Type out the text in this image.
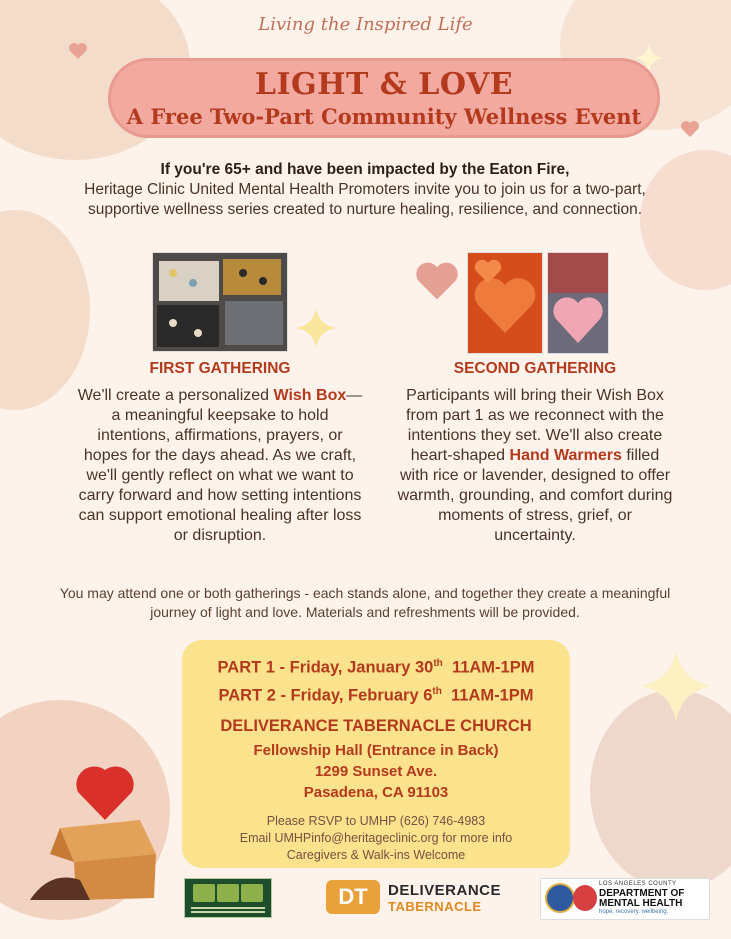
Living the Inspired Life
LIGHT & LOVE
A Free Two-Part Community Wellness Event
If you're 65+ and have been impacted by the Eaton Fire,
Heritage Clinic United Mental Health Promoters invite you to join us for a two-part, supportive wellness series created to nurture healing, resilience, and connection.
FIRST GATHERING
We'll create a personalized Wish Box—a meaningful keepsake to hold intentions, affirmations, prayers, or hopes for the days ahead. As we craft, we'll gently reflect on what we want to carry forward and how setting intentions can support emotional healing after loss or disruption.
SECOND GATHERING
Participants will bring their Wish Box from part 1 as we reconnect with the intentions they set. We'll also create heart-shaped Hand Warmers filled with rice or lavender, designed to offer warmth, grounding, and comfort during moments of stress, grief, or uncertainty.
You may attend one or both gatherings - each stands alone, and together they create a meaningful journey of light and love. Materials and refreshments will be provided.
PART 1 - Friday, January 30th 11AM-1PM
PART 2 - Friday, February 6th 11AM-1PM
DELIVERANCE TABERNACLE CHURCH
Fellowship Hall (Entrance in Back)
1299 Sunset Ave.
Pasadena, CA 91103
Please RSVP to UMHP (626) 746-4983
Email UMHPinfo@heritageclinic.org for more info
Caregivers & Walk-ins Welcome
DT	DELIVERANCE
TABERNACLE
LOS ANGELES COUNTY
DEPARTMENT OF
MENTAL HEALTH
hope. recovery. wellbeing.
